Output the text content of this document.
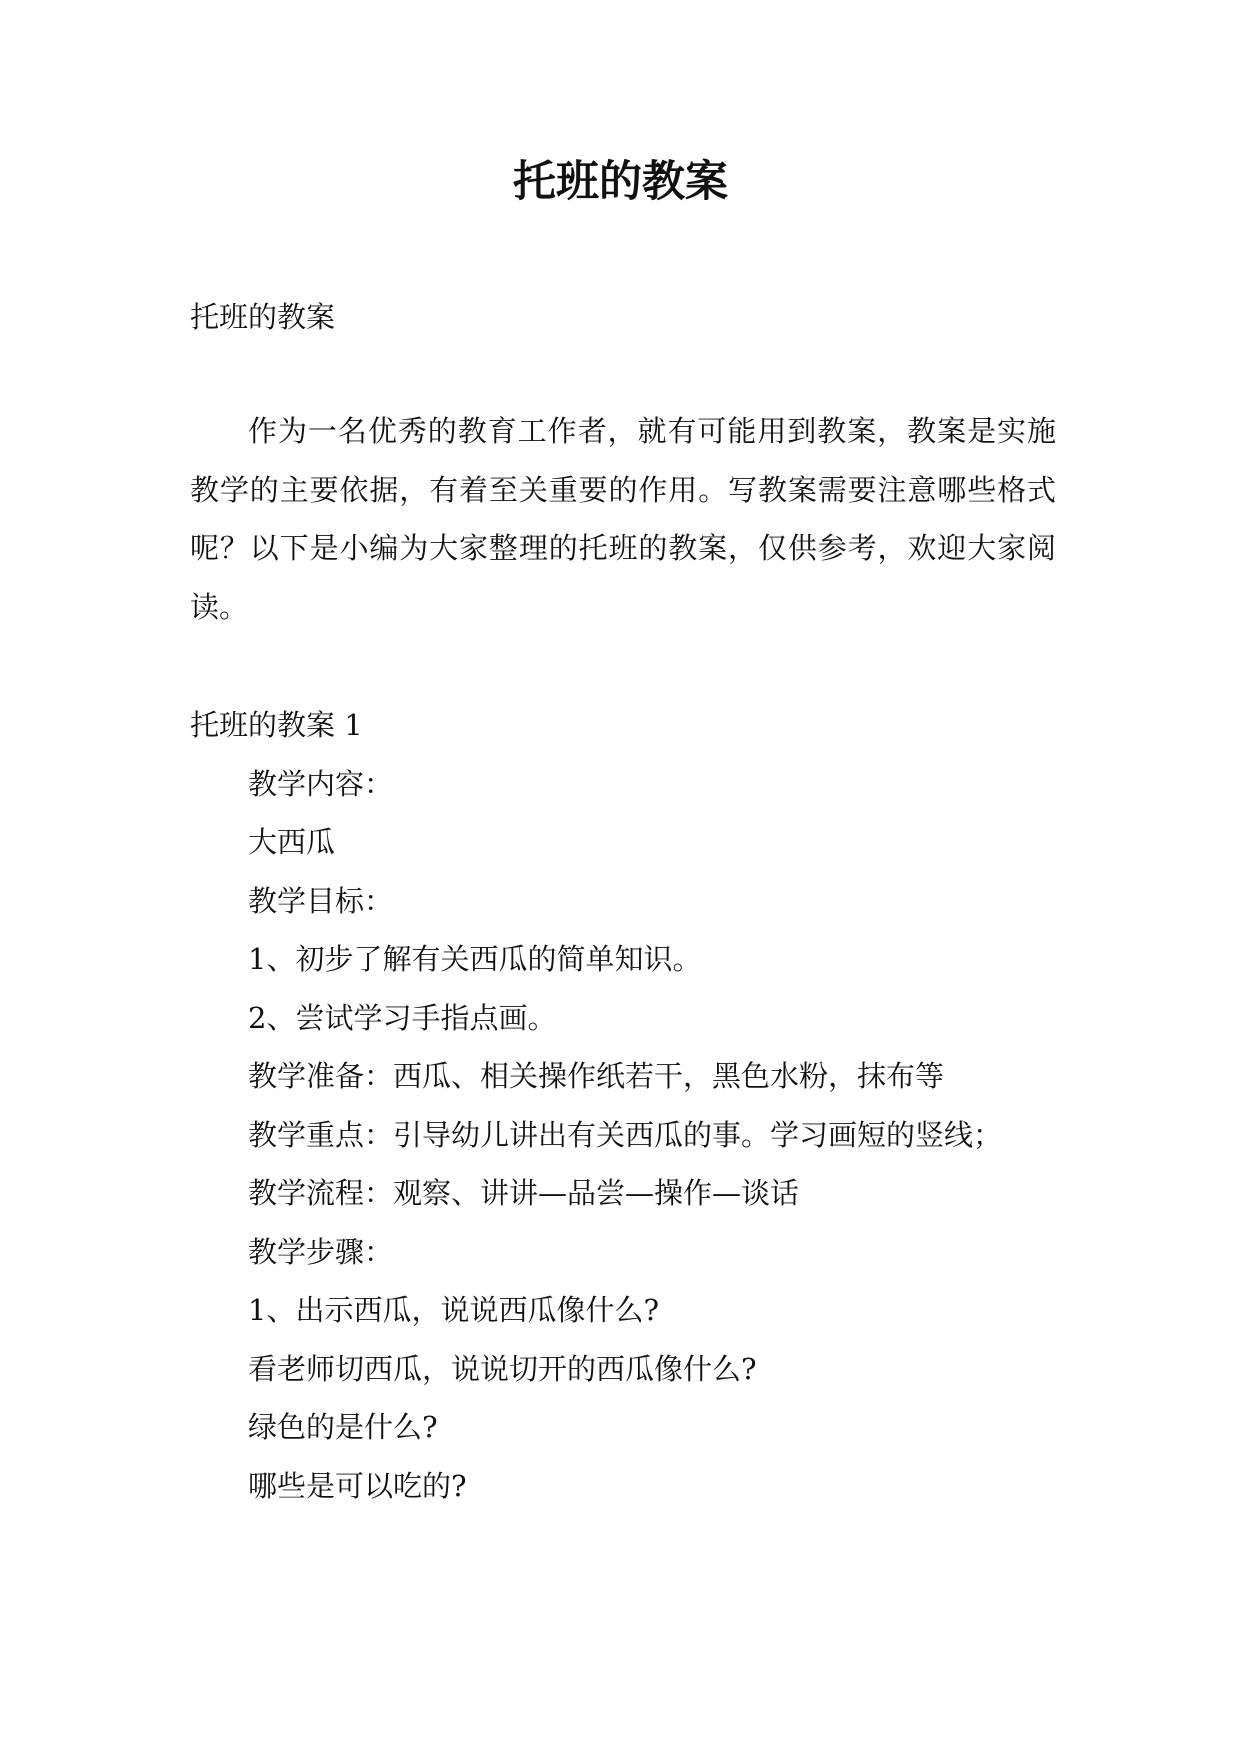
托班的教案

托班的教案

作为一名优秀的教育工作者，就有可能用到教案，教案是实施教学的主要依据，有着至关重要的作用。写教案需要注意哪些格式呢？以下是小编为大家整理的托班的教案，仅供参考，欢迎大家阅读。

托班的教案 1

教学内容：

大西瓜

教学目标：

1、初步了解有关西瓜的简单知识。

2、尝试学习手指点画。

教学准备：西瓜、相关操作纸若干，黑色水粉，抹布等

教学重点：引导幼儿讲出有关西瓜的事。学习画短的竖线；

教学流程：观察、讲讲—品尝—操作—谈话

教学步骤：

1、出示西瓜，说说西瓜像什么?

看老师切西瓜，说说切开的西瓜像什么?

绿色的是什么?

哪些是可以吃的?
